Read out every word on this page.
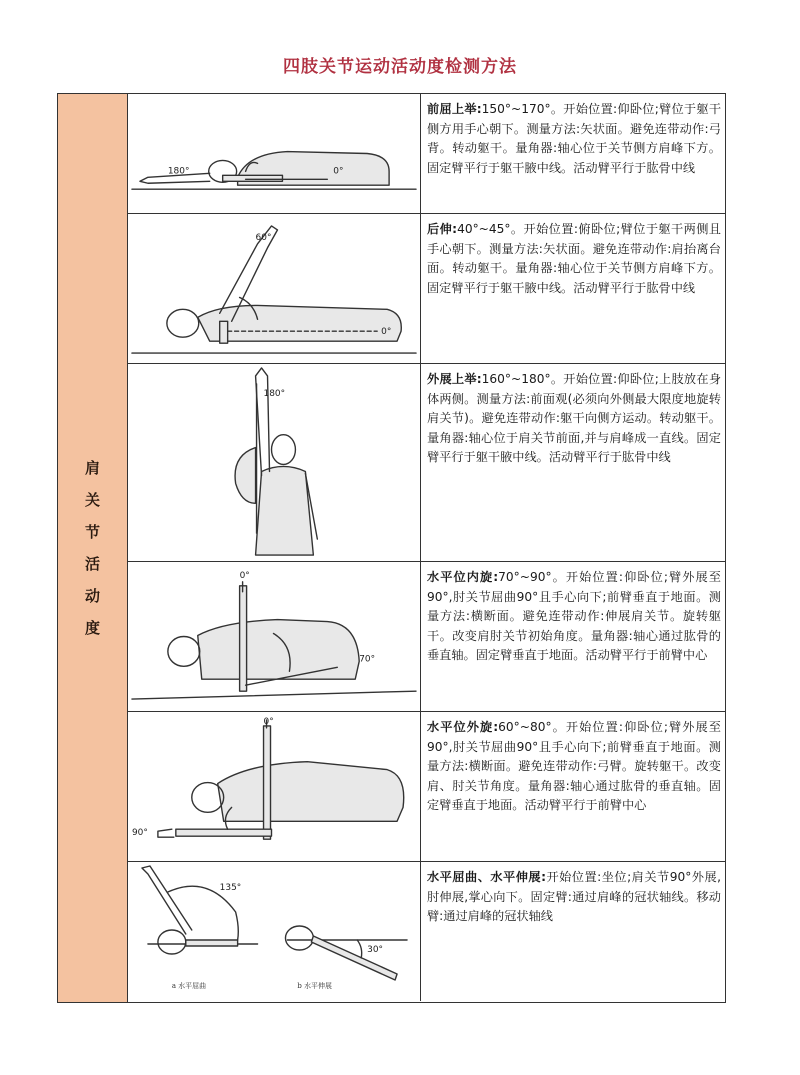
四肢关节运动活动度检测方法
肩
关
节
活
动
度
180°	0°
前屈上举:150°~170°。开始位置:仰卧位;臂位于躯干侧方用手心朝下。测量方法:矢状面。避免连带动作:弓背。转动躯干。量角器:轴心位于关节侧方肩峰下方。固定臂平行于躯干腋中线。活动臂平行于肱骨中线
60°
0°
后伸:40°~45°。开始位置:俯卧位;臂位于躯干两侧且手心朝下。测量方法:矢状面。避免连带动作:肩抬离台面。转动躯干。量角器:轴心位于关节侧方肩峰下方。固定臂平行于躯干腋中线。活动臂平行于肱骨中线
180°
外展上举:160°~180°。开始位置:仰卧位;上肢放在身体两侧。测量方法:前面观(必须向外侧最大限度地旋转肩关节)。避免连带动作:躯干向侧方运动。转动躯干。量角器:轴心位于肩关节前面,并与肩峰成一直线。固定臂平行于躯干腋中线。活动臂平行于肱骨中线
0°
70°
水平位内旋:70°~90°。开始位置:仰卧位;臂外展至90°,肘关节屈曲90°且手心向下;前臂垂直于地面。测量方法:横断面。避免连带动作:伸展肩关节。旋转躯干。改变肩肘关节初始角度。量角器:轴心通过肱骨的垂直轴。固定臂垂直于地面。活动臂平行于前臂中心
0°
90°
水平位外旋:60°~80°。开始位置:仰卧位;臂外展至90°,肘关节屈曲90°且手心向下;前臂垂直于地面。测量方法:横断面。避免连带动作:弓臂。旋转躯干。改变肩、肘关节角度。量角器:轴心通过肱骨的垂直轴。固定臂垂直于地面。活动臂平行于前臂中心
135°
30°
a 水平屈曲	b 水平伸展
水平屈曲、水平伸展:开始位置:坐位;肩关节90°外展,肘伸展,掌心向下。固定臂:通过肩峰的冠状轴线。移动臂:通过肩峰的冠状轴线
